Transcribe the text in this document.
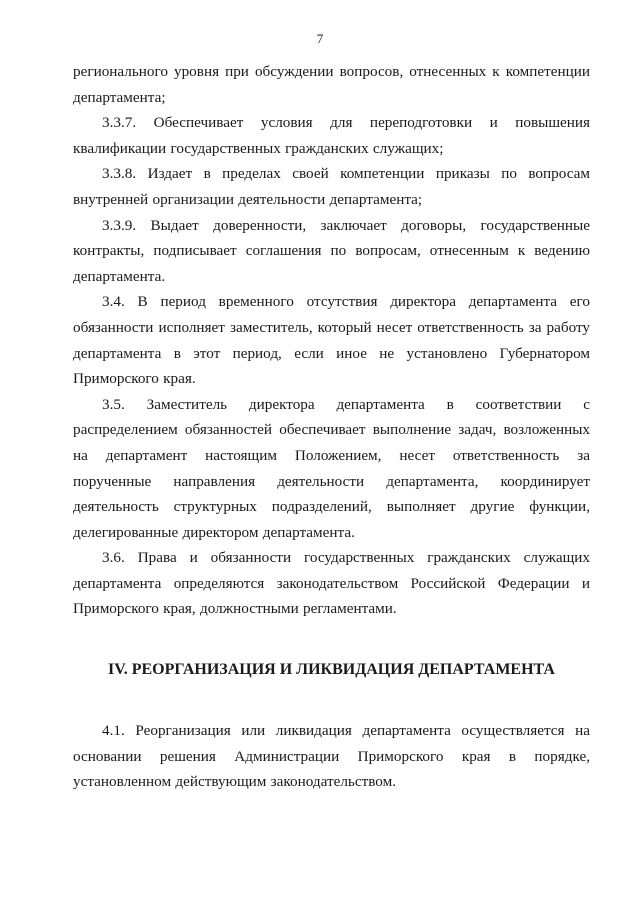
7

регионального уровня при обсуждении вопросов, отнесенных к компетенции департамента;

3.3.7. Обеспечивает условия для переподготовки и повышения квалификации государственных гражданских служащих;

3.3.8. Издает в пределах своей компетенции приказы по вопросам внутренней организации деятельности департамента;

3.3.9. Выдает доверенности, заключает договоры, государственные контракты, подписывает соглашения по вопросам, отнесенным к ведению департамента.

3.4. В период временного отсутствия директора департамента его обязанности исполняет заместитель, который несет ответственность за работу департамента в этот период, если иное не установлено Губернатором Приморского края.

3.5. Заместитель директора департамента в соответствии с распределением обязанностей обеспечивает выполнение задач, возложенных на департамент настоящим Положением, несет ответственность за порученные направления деятельности департамента, координирует деятельность структурных подразделений, выполняет другие функции, делегированные директором департамента.

3.6. Права и обязанности государственных гражданских служащих департамента определяются законодательством Российской Федерации и Приморского края, должностными регламентами.

IV. РЕОРГАНИЗАЦИЯ И ЛИКВИДАЦИЯ ДЕПАРТАМЕНТА

4.1. Реорганизация или ликвидация департамента осуществляется на основании решения Администрации Приморского края в порядке, установленном действующим законодательством.
